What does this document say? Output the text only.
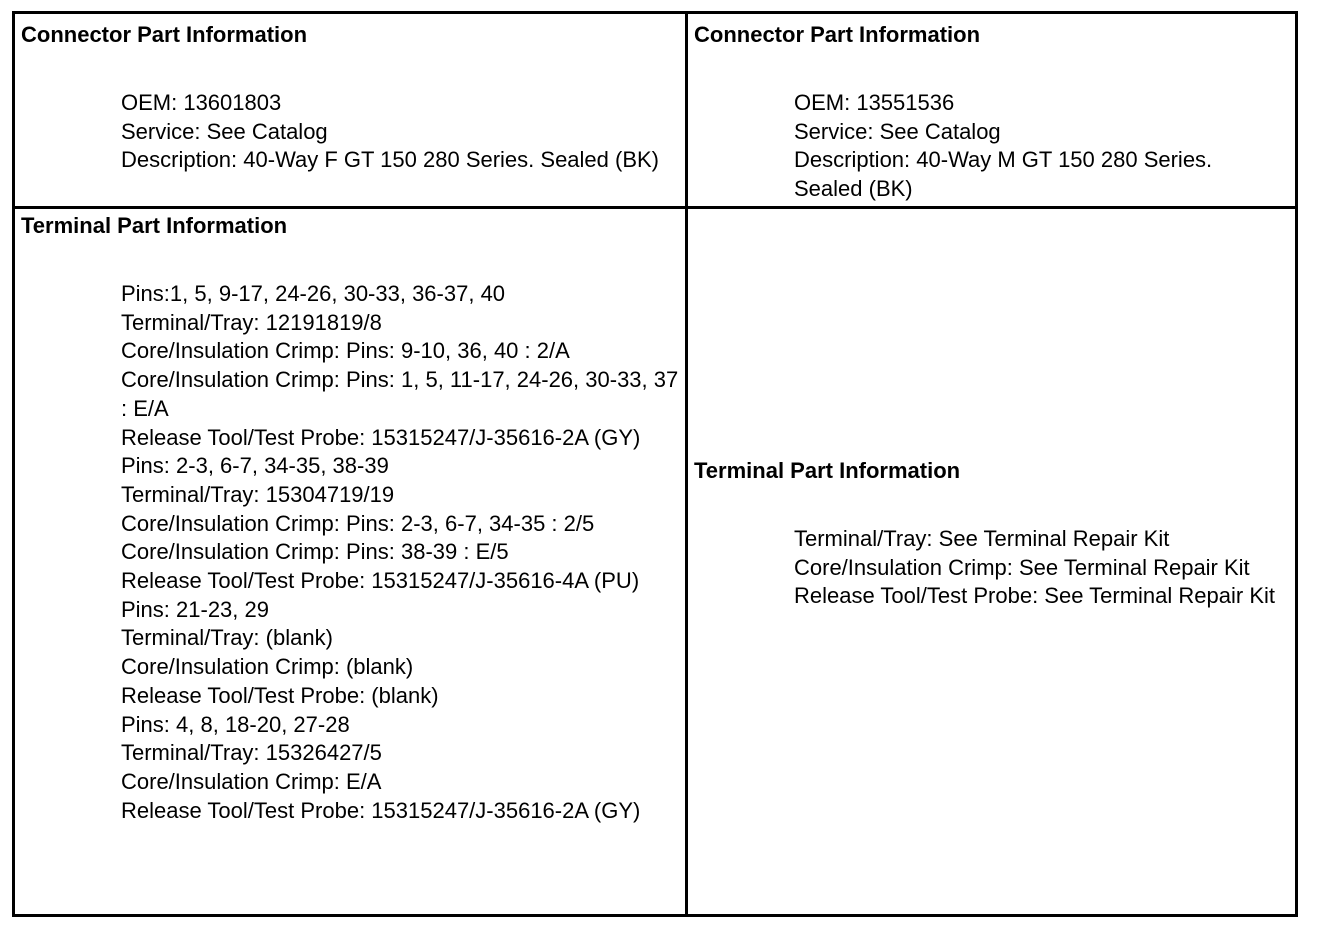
Connector Part Information
OEM: 13601803
Service: See Catalog
Description: 40-Way F GT 150 280 Series. Sealed (BK)
Connector Part Information
OEM: 13551536
Service: See Catalog
Description: 40-Way M GT 150 280 Series. Sealed (BK)
Terminal Part Information
Pins:1, 5, 9-17, 24-26, 30-33, 36-37, 40
Terminal/Tray: 12191819/8
Core/Insulation Crimp: Pins: 9-10, 36, 40 : 2/A
Core/Insulation Crimp: Pins: 1, 5, 11-17, 24-26, 30-33, 37 : E/A
Release Tool/Test Probe: 15315247/J-35616-2A (GY)
Pins: 2-3, 6-7, 34-35, 38-39
Terminal/Tray: 15304719/19
Core/Insulation Crimp: Pins: 2-3, 6-7, 34-35 : 2/5
Core/Insulation Crimp: Pins: 38-39 : E/5
Release Tool/Test Probe: 15315247/J-35616-4A (PU)
Pins: 21-23, 29
Terminal/Tray: (blank)
Core/Insulation Crimp: (blank)
Release Tool/Test Probe: (blank)
Pins: 4, 8, 18-20, 27-28
Terminal/Tray: 15326427/5
Core/Insulation Crimp: E/A
Release Tool/Test Probe: 15315247/J-35616-2A (GY)
Terminal Part Information
Terminal/Tray: See Terminal Repair Kit
Core/Insulation Crimp: See Terminal Repair Kit
Release Tool/Test Probe: See Terminal Repair Kit
